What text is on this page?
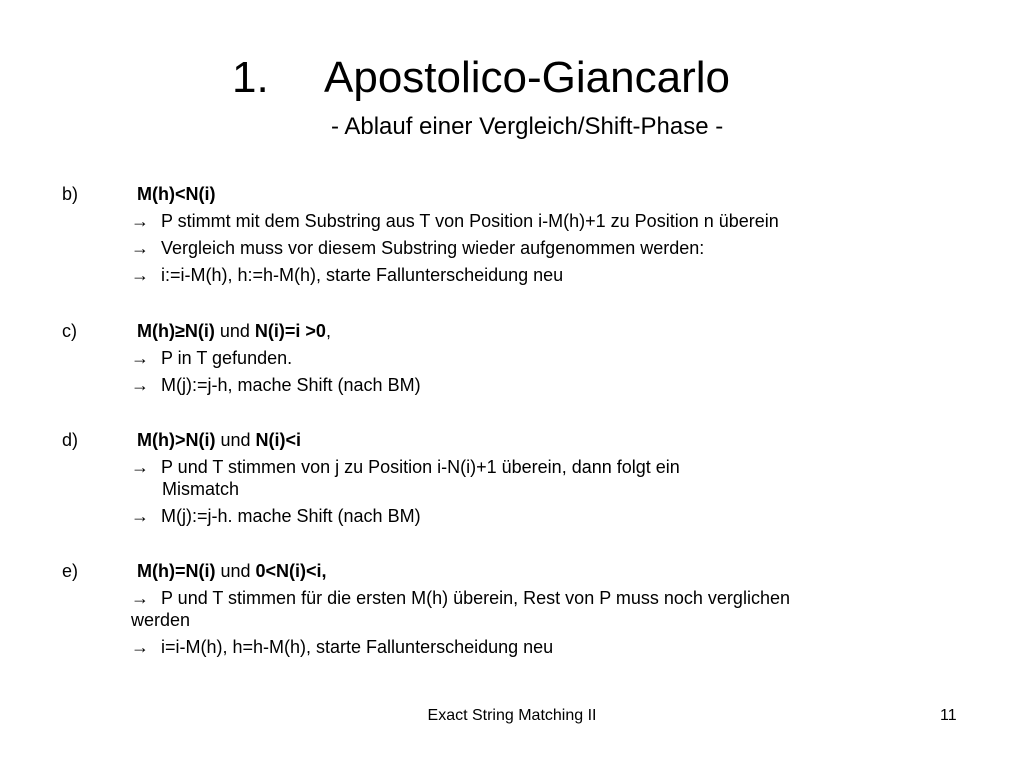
1. Apostolico-Giancarlo
- Ablauf einer Vergleich/Shift-Phase -
b)	M(h)<N(i)
→ P stimmt mit dem Substring aus T von Position i-M(h)+1 zu Position n überein
→ Vergleich muss vor diesem Substring wieder aufgenommen werden:
→ i:=i-M(h), h:=h-M(h), starte Fallunterscheidung neu
c)	M(h)≥N(i) und N(i)=i >0,
→ P in T gefunden.
→ M(j):=j-h, mache Shift (nach BM)
d)	M(h)>N(i) und N(i)<i
→ P und T stimmen von j zu Position i-N(i)+1 überein, dann folgt ein
Mismatch
→ M(j):=j-h. mache Shift (nach BM)
e)	M(h)=N(i) und 0<N(i)<i,
→ P und T stimmen für die ersten M(h) überein, Rest von P muss noch verglichen
werden
→ i=i-M(h), h=h-M(h), starte Fallunterscheidung neu
Exact String Matching II	11
